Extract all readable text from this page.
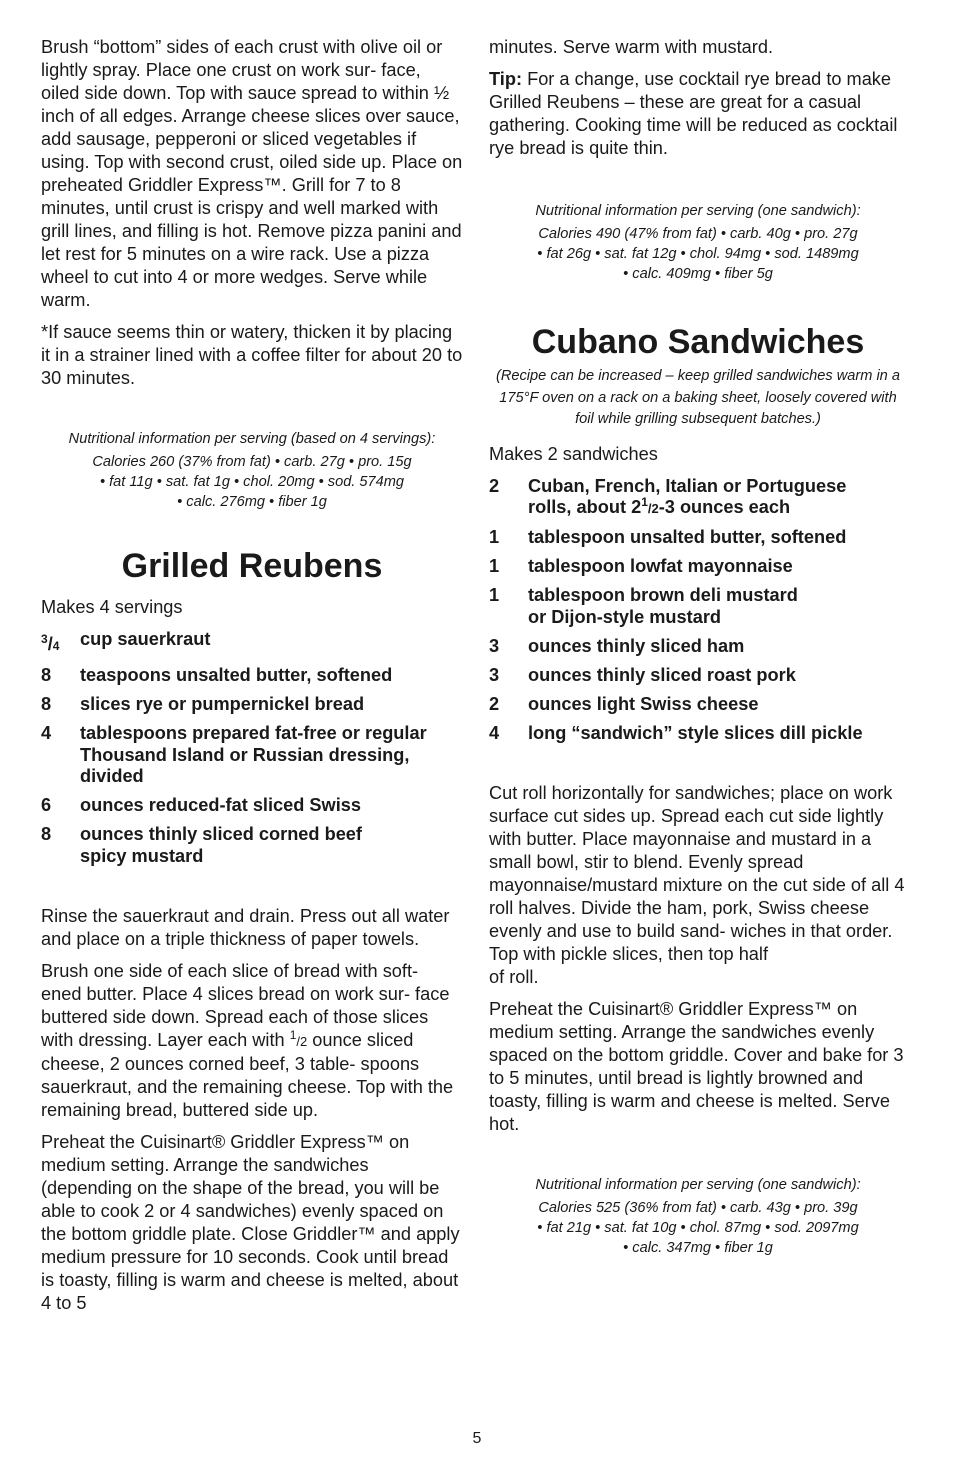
Brush “bottom” sides of each crust with olive oil or lightly spray. Place one crust on work sur- face, oiled side down. Top with sauce spread to within ½ inch of all edges. Arrange cheese slices over sauce, add sausage, pepperoni or sliced vegetables if using. Top with second crust, oiled side up. Place on preheated Griddler Express™. Grill for 7 to 8 minutes, until crust is crispy and well marked with grill lines, and filling is hot. Remove pizza panini and let rest for 5 minutes on a wire rack. Use a pizza wheel to cut into 4 or more wedges. Serve while warm.

*If sauce seems thin or watery, thicken it by placing it in a strainer lined with a coffee filter for about 20 to 30 minutes.

Nutritional information per serving (based on 4 servings):
Calories 260 (37% from fat) • carb. 27g • pro. 15g
• fat 11g • sat. fat 1g • chol. 20mg • sod. 574mg
• calc. 276mg • fiber 1g
Grilled Reubens

Makes 4 servings

$^3$/4	cup sauerkraut
8	teaspoons unsalted butter, softened
8	slices rye or pumpernickel bread
4	tablespoons prepared fat-free or regular Thousand Island or Russian dressing, divided
6	ounces reduced-fat sliced Swiss
8	ounces thinly sliced corned beef
spicy mustard

Rinse the sauerkraut and drain. Press out all water and place on a triple thickness of paper towels.

Brush one side of each slice of bread with soft- ened butter. Place 4 slices bread on work sur- face buttered side down. Spread each of those slices with dressing. Layer each with $^1$/2 ounce sliced cheese, 2 ounces corned beef, 3 table- spoons sauerkraut, and the remaining cheese. Top with the remaining bread, buttered side up.

Preheat the Cuisinart® Griddler Express™ on medium setting. Arrange the sandwiches (depending on the shape of the bread, you will be able to cook 2 or 4 sandwiches) evenly spaced on the bottom griddle plate. Close Griddler™ and apply medium pressure for 10 seconds. Cook until bread is toasty, filling is warm and cheese is melted, about 4 to 5

minutes. Serve warm with mustard.

Tip: For a change, use cocktail rye bread to make Grilled Reubens – these are great for a casual gathering. Cooking time will be reduced as cocktail rye bread is quite thin.

Nutritional information per serving (one sandwich):
Calories 490 (47% from fat) • carb. 40g • pro. 27g
• fat 26g • sat. fat 12g • chol. 94mg • sod. 1489mg
• calc. 409mg • fiber 5g
Cubano Sandwiches

(Recipe can be increased – keep grilled sandwiches warm in a 175°F oven on a rack on a baking sheet, loosely covered with foil while grilling subsequent batches.)

Makes 2 sandwiches

2	Cuban, French, Italian or Portuguese
rolls, about $2^1/2-3$ ounces each
1	tablespoon unsalted butter, softened
1	tablespoon lowfat mayonnaise
1	tablespoon brown deli mustard
or Dijon-style mustard
3	ounces thinly sliced ham
3	ounces thinly sliced roast pork
2	ounces light Swiss cheese
4	long “sandwich” style slices dill pickle

Cut roll horizontally for sandwiches; place on work surface cut sides up. Spread each cut side lightly with butter. Place mayonnaise and mustard in a small bowl, stir to blend. Evenly spread mayonnaise/mustard mixture on the cut side of all 4 roll halves. Divide the ham, pork, Swiss cheese evenly and use to build sand- wiches in that order. Top with pickle slices, then top half
of roll.

Preheat the Cuisinart® Griddler Express™ on medium setting. Arrange the sandwiches evenly spaced on the bottom griddle. Cover and bake for 3 to 5 minutes, until bread is lightly browned and toasty, filling is warm and cheese is melted. Serve hot.

Nutritional information per serving (one sandwich):
Calories 525 (36% from fat) • carb. 43g • pro. 39g
• fat 21g • sat. fat 10g • chol. 87mg • sod. 2097mg
• calc. 347mg • fiber 1g
5
